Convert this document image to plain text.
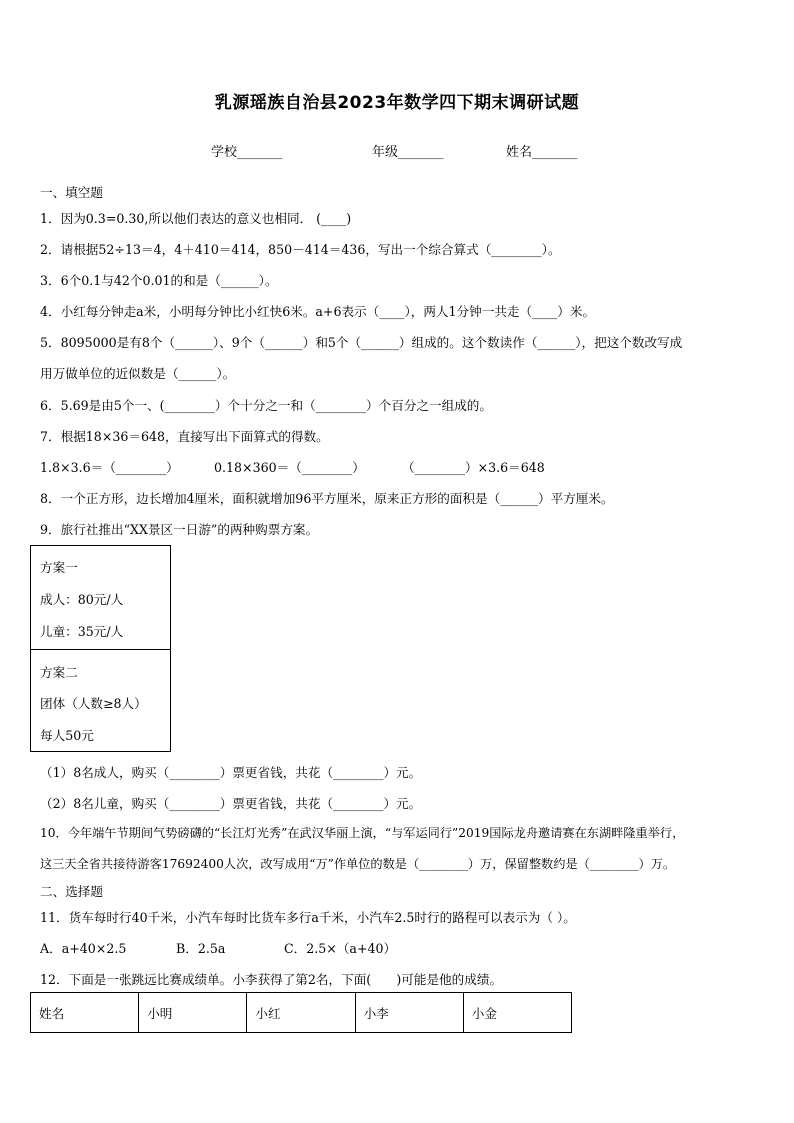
乳源瑶族自治县2023年数学四下期末调研试题
学校_______	年级_______	姓名_______
一、填空题
1．因为0.3=0.30,所以他们表达的意义也相同． (____)
2．请根据52÷13＝4，4＋410＝414，850－414＝436，写出一个综合算式（________）。
3．6个0.1与42个0.01的和是（______）。
4．小红每分钟走a米，小明每分钟比小红快6米。a+6表示（____），两人1分钟一共走（____）米。
5．8095000是有8个（______）、9个（______）和5个（______）组成的。这个数读作（______），把这个数改写成
用万做单位的近似数是（______）。
6．5.69是由5个一、(________）个十分之一和（________）个百分之一组成的。
7．根据18×36＝648，直接写出下面算式的得数。
1.8×3.6＝（________）	0.18×360＝（________）	（________）×3.6＝648
8．一个正方形，边长增加4厘米，面积就增加96平方厘米，原来正方形的面积是（______）平方厘米。
9．旅行社推出“XX景区一日游”的两种购票方案。
方案一
成人：80元/人
儿童：35元/人
方案二
团体（人数≥8人）
每人50元
（1）8名成人，购买（________）票更省钱，共花（________）元。
（2）8名儿童，购买（________）票更省钱，共花（________）元。
10．今年端午节期间气势磅礴的“长江灯光秀”在武汉华丽上演，“与军运同行”2019国际龙舟邀请赛在东湖畔隆重举行，
这三天全省共接待游客17692400人次，改写成用“万”作单位的数是（________）万，保留整数约是（________）万。
二、选择题
11．货车每时行40千米，小汽车每时比货车多行a千米，小汽车2.5时行的路程可以表示为（ ）。
A．a+40×2.5	B．2.5a	C．2.5×（a+40）
12．下面是一张跳远比赛成绩单。小李获得了第2名，下面(　　)可能是他的成绩。
姓名	小明	小红	小李	小金
